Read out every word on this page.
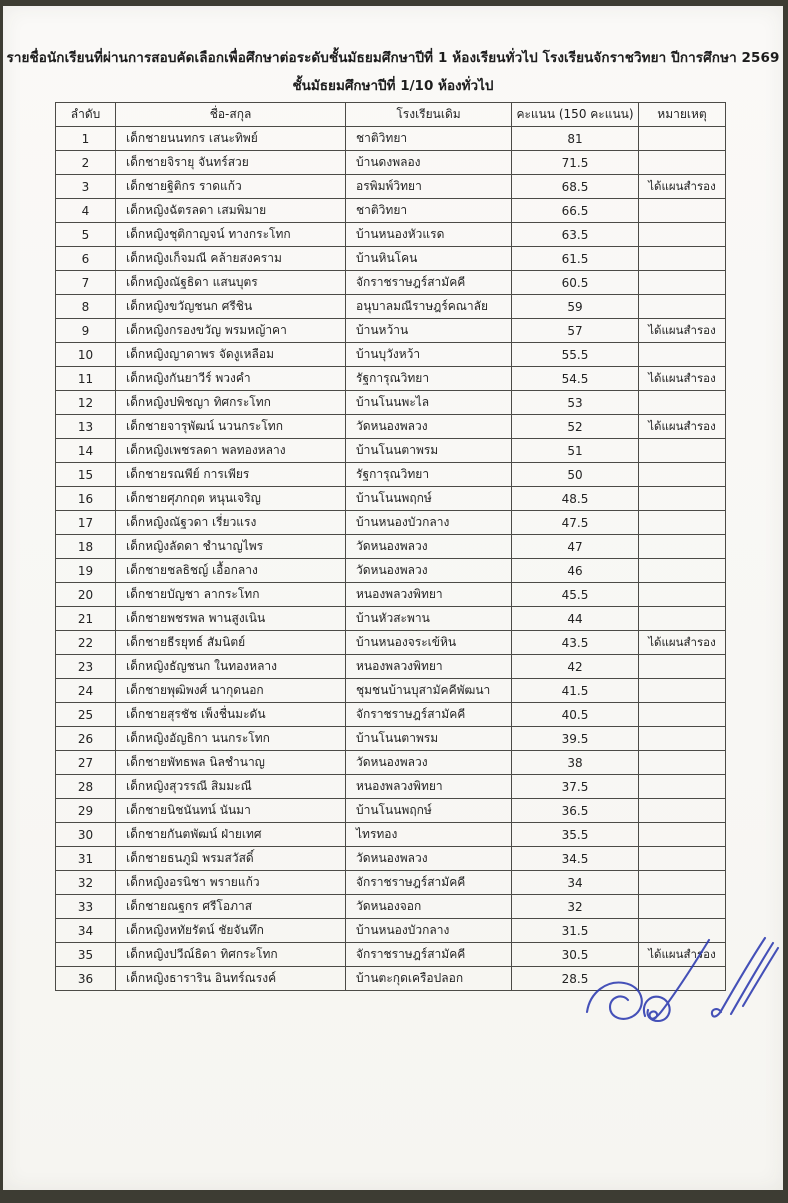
รายชื่อนักเรียนที่ผ่านการสอบคัดเลือกเพื่อศึกษาต่อระดับชั้นมัธยมศึกษาปีที่ 1 ห้องเรียนทั่วไป โรงเรียนจักราชวิทยา ปีการศึกษา 2569
ชั้นมัธยมศึกษาปีที่ 1/10 ห้องทั่วไป
ลำดับ	ชื่อ-สกุล	โรงเรียนเดิม	คะแนน (150 คะแนน)	หมายเหตุ
1	เด็กชายนนทกร เสนะทิพย์	ชาติวิทยา	81	
2	เด็กชายจิรายุ จันทร์สวย	บ้านดงพลอง	71.5	
3	เด็กชายฐิติกร ราดแก้ว	อรพิมพ์วิทยา	68.5	ได้แผนสำรอง
4	เด็กหญิงฉัตรลดา เสมพิมาย	ชาติวิทยา	66.5	
5	เด็กหญิงชุติกาญจน์ ทางกระโทก	บ้านหนองหัวแรด	63.5	
6	เด็กหญิงเก็จมณี คล้ายสงคราม	บ้านหินโคน	61.5	
7	เด็กหญิงณัฐธิดา แสนบุตร	จักราชราษฎร์สามัคคี	60.5	
8	เด็กหญิงขวัญชนก ศรีชิน	อนุบาลมณีราษฎร์คณาลัย	59	
9	เด็กหญิงกรองขวัญ พรมหญ้าคา	บ้านหว้าน	57	ได้แผนสำรอง
10	เด็กหญิงญาดาพร จัดงูเหลือม	บ้านบุวังหว้า	55.5	
11	เด็กหญิงกันยาวีร์ พวงคำ	รัฐการุณวิทยา	54.5	ได้แผนสำรอง
12	เด็กหญิงปพิชญา ทิศกระโทก	บ้านโนนพะไล	53	
13	เด็กชายจารุพัฒน์ นวนกระโทก	วัดหนองพลวง	52	ได้แผนสำรอง
14	เด็กหญิงเพชรลดา พลทองหลาง	บ้านโนนตาพรม	51	
15	เด็กชายรณพีย์ การเพียร	รัฐการุณวิทยา	50	
16	เด็กชายศุภกฤต หนุนเจริญ	บ้านโนนพฤกษ์	48.5	
17	เด็กหญิงณัฐวดา เรี่ยวแรง	บ้านหนองบัวกลาง	47.5	
18	เด็กหญิงลัดดา ชำนาญไพร	วัดหนองพลวง	47	
19	เด็กชายชลธิชญ์ เอื้อกลาง	วัดหนองพลวง	46	
20	เด็กชายบัญชา ลากระโทก	หนองพลวงพิทยา	45.5	
21	เด็กชายพชรพล พานสูงเนิน	บ้านหัวสะพาน	44	
22	เด็กชายธีรยุทธ์ สัมนิตย์	บ้านหนองจระเข้หิน	43.5	ได้แผนสำรอง
23	เด็กหญิงธัญชนก ในทองหลาง	หนองพลวงพิทยา	42	
24	เด็กชายพุฒิพงศ์ นากุดนอก	ชุมชนบ้านบุสามัคคีพัฒนา	41.5	
25	เด็กชายสุรชัช เพ็งชื่นมะดัน	จักราชราษฎร์สามัคคี	40.5	
26	เด็กหญิงอัญธิกา นนกระโทก	บ้านโนนตาพรม	39.5	
27	เด็กชายพัทธพล นิลชำนาญ	วัดหนองพลวง	38	
28	เด็กหญิงสุวรรณี สิมมะณี	หนองพลวงพิทยา	37.5	
29	เด็กชายนิชนันทน์ นันมา	บ้านโนนพฤกษ์	36.5	
30	เด็กชายกันตพัฒน์ ฝ่ายเทศ	ไทรทอง	35.5	
31	เด็กชายธนภูมิ พรมสวัสดิ์	วัดหนองพลวง	34.5	
32	เด็กหญิงอรนิชา พรายแก้ว	จักราชราษฎร์สามัคคี	34	
33	เด็กชายณฐกร ศรีโอภาส	วัดหนองจอก	32	
34	เด็กหญิงหทัยรัตน์ ชัยจันทึก	บ้านหนองบัวกลาง	31.5	
35	เด็กหญิงปวีณ์ธิดา ทิศกระโทก	จักราชราษฎร์สามัคคี	30.5	ได้แผนสำรอง
36	เด็กหญิงธาราริน อินทร์ณรงค์	บ้านตะกุดเครือปลอก	28.5	
